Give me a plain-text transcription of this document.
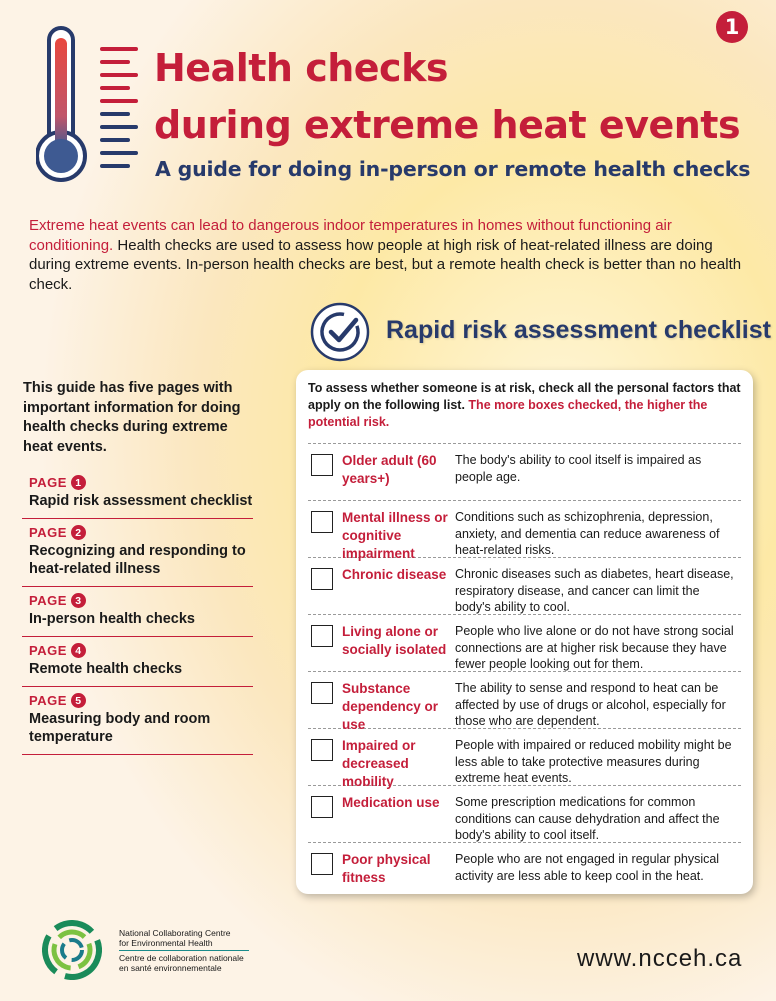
1
Health checks
during extreme heat events
A guide for doing in-person or remote health checks

Extreme heat events can lead to dangerous indoor temperatures in homes without functioning air conditioning. Health checks are used to assess how people at high risk of heat-related illness are doing during extreme events. In-person health checks are best, but a remote health check is better than no health check.

Rapid risk assessment checklist

This guide has five pages with important information for doing health checks during extreme heat events.

PAGE 1
Rapid risk assessment checklist
PAGE 2
Recognizing and responding to heat-related illness
PAGE 3
In-person health checks
PAGE 4
Remote health checks
PAGE 5
Measuring body and room temperature

To assess whether someone is at risk, check all the personal factors that apply on the following list. The more boxes checked, the higher the potential risk.

Older adult (60 years+)
The body's ability to cool itself is impaired as people age.
Mental illness or cognitive impairment
Conditions such as schizophrenia, depression, anxiety, and dementia can reduce awareness of heat-related risks.
Chronic disease Chronic diseases such as diabetes, heart disease, respiratory disease, and cancer can limit the body's ability to cool.
Living alone or socially isolated
People who live alone or do not have strong social connections are at higher risk because they have fewer people looking out for them.
Substance dependency or use
The ability to sense and respond to heat can be affected by use of drugs or alcohol, especially for those who are dependent.
Impaired or decreased mobility
People with impaired or reduced mobility might be less able to take protective measures during extreme heat events.
Medication use	Some prescription medications for common conditions can cause dehydration and affect the body's ability to cool itself.
Poor physical fitness
People who are not engaged in regular physical activity are less able to keep cool in the heat.
National Collaborating Centre
for Environmental Health
Centre de collaboration nationale
en santé environnementale	www.ncceh.ca
